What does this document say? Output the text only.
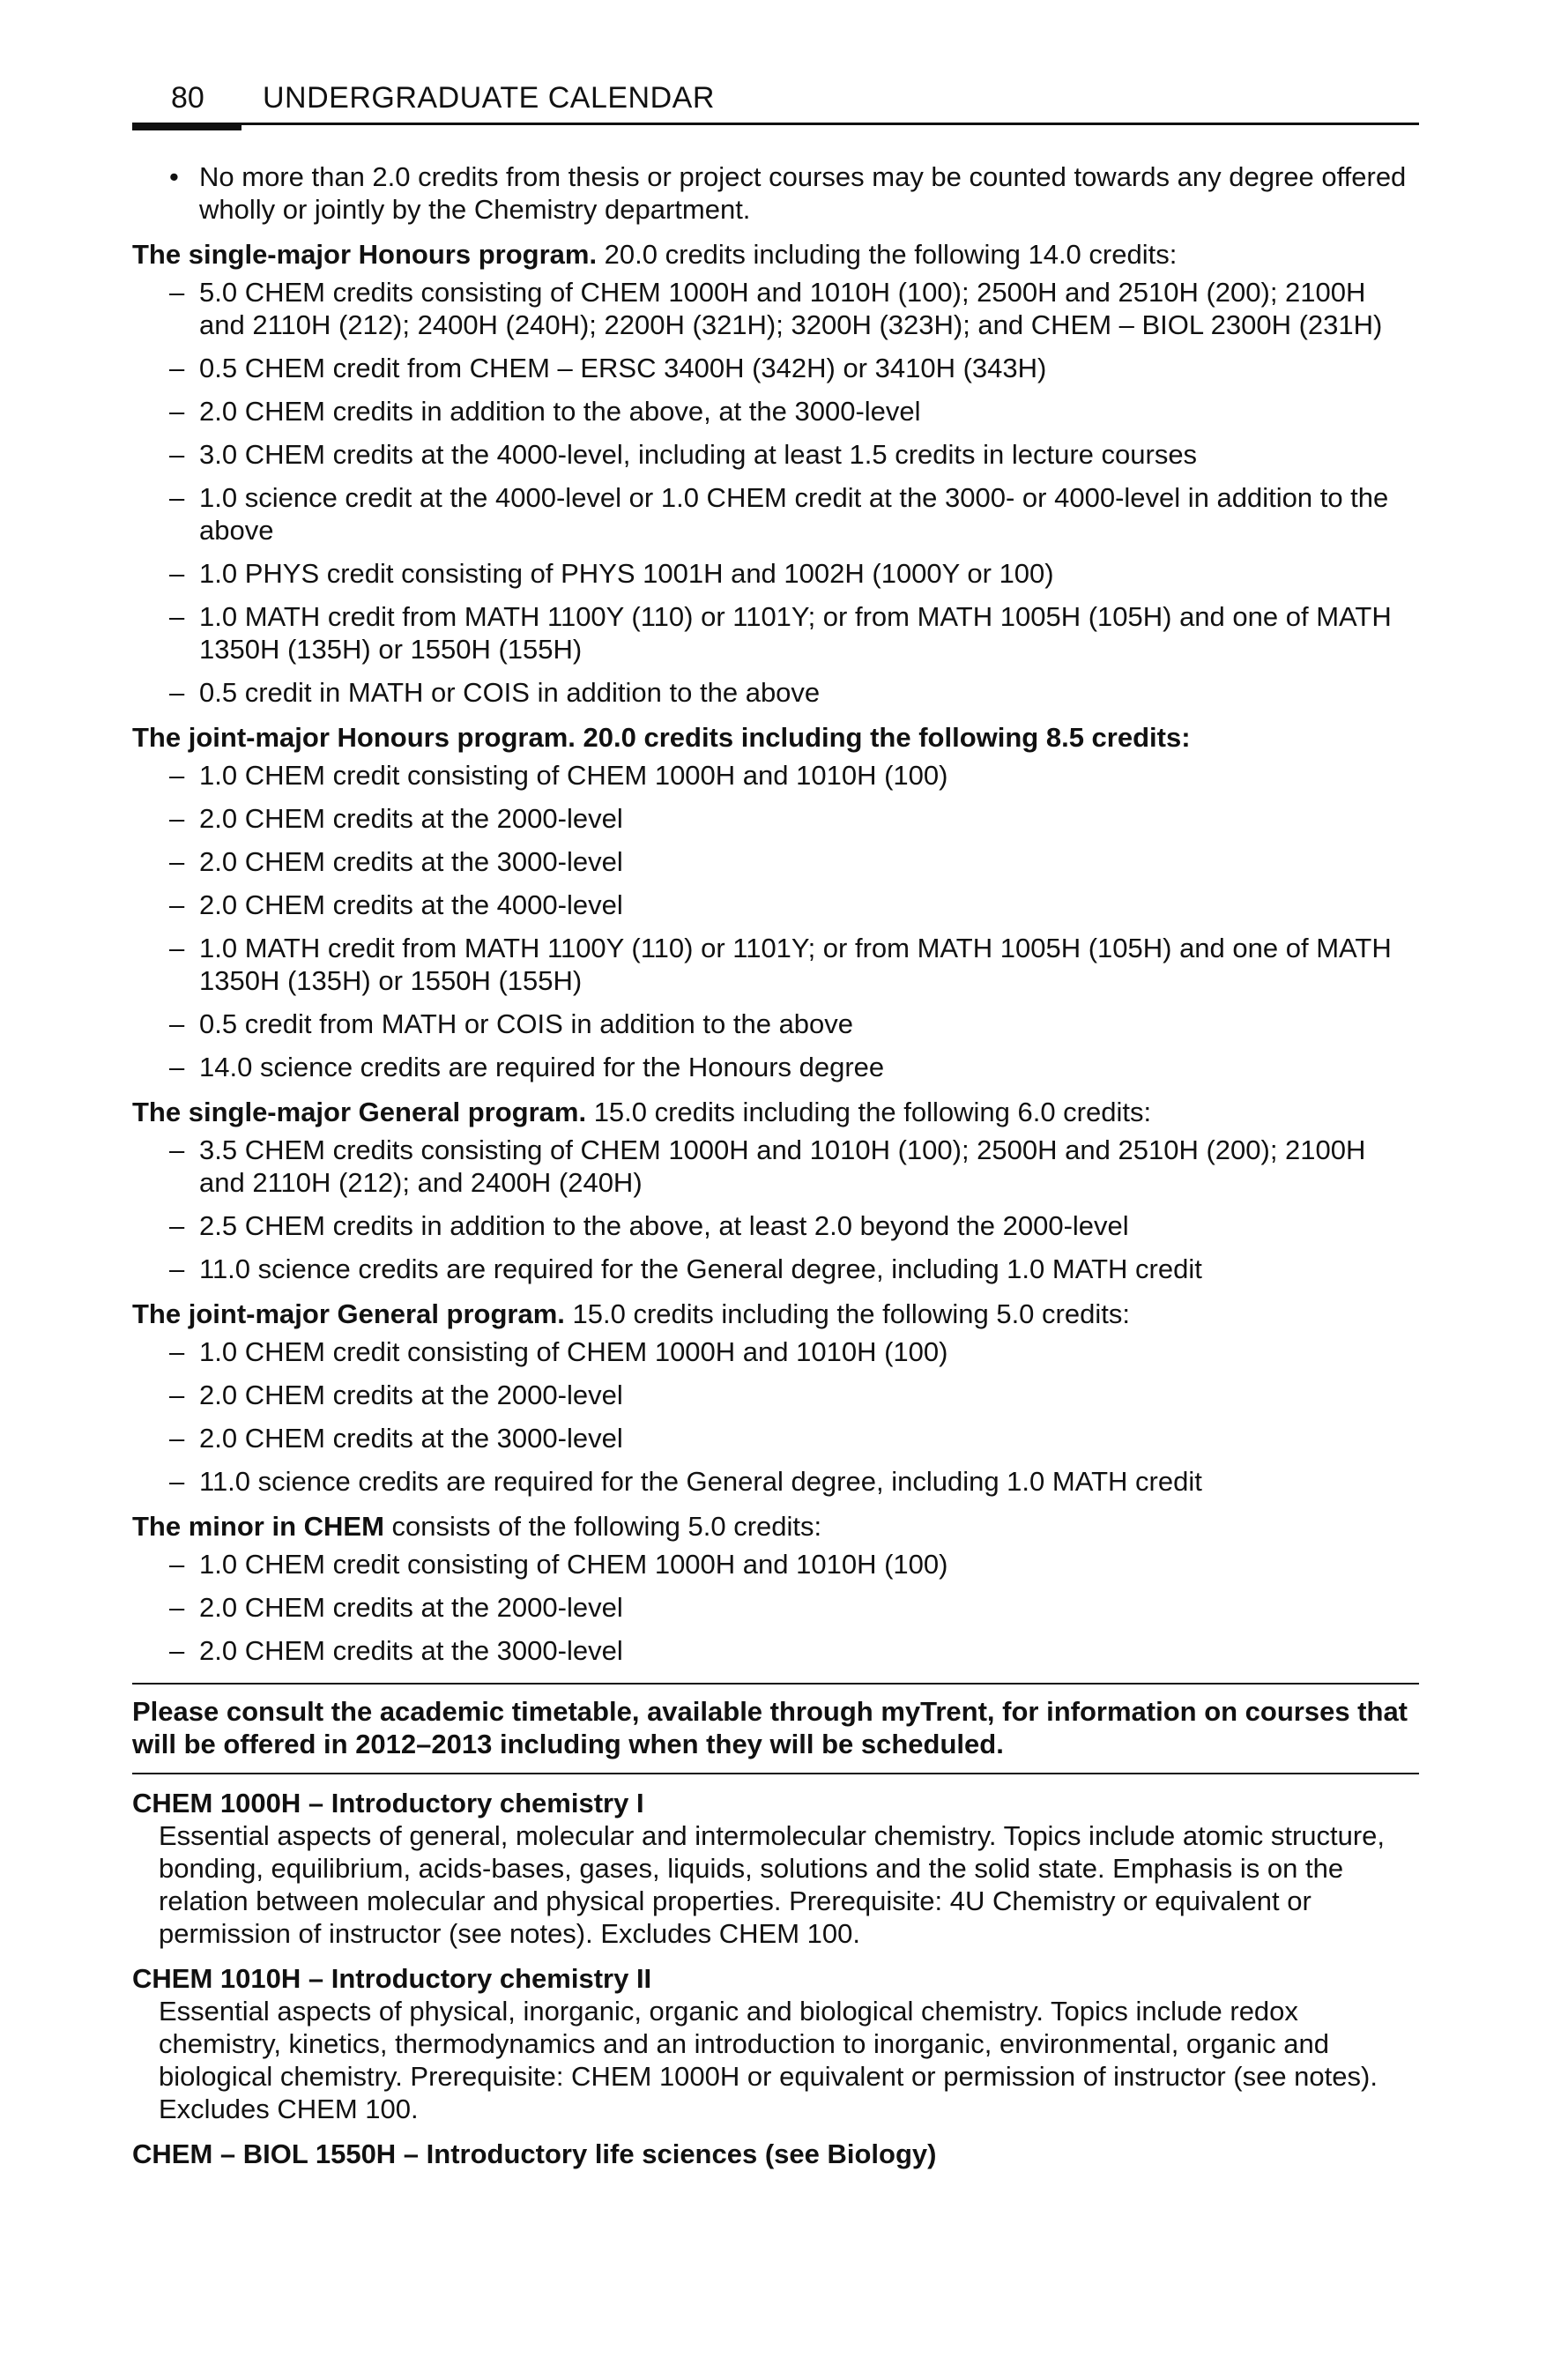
80 UNDERGRADUATE CALENDAR
• No more than 2.0 credits from thesis or project courses may be counted towards any degree offered wholly or jointly by the Chemistry department.
The single-major Honours program. 20.0 credits including the following 14.0 credits:
– 5.0 CHEM credits consisting of CHEM 1000H and 1010H (100); 2500H and 2510H (200); 2100H and 2110H (212); 2400H (240H); 2200H (321H); 3200H (323H); and CHEM – BIOL 2300H (231H)
– 0.5 CHEM credit from CHEM – ERSC 3400H (342H) or 3410H (343H)
– 2.0 CHEM credits in addition to the above, at the 3000-level
– 3.0 CHEM credits at the 4000-level, including at least 1.5 credits in lecture courses
– 1.0 science credit at the 4000-level or 1.0 CHEM credit at the 3000- or 4000-level in addition to the above
– 1.0 PHYS credit consisting of PHYS 1001H and 1002H (1000Y or 100)
– 1.0 MATH credit from MATH 1100Y (110) or 1101Y; or from MATH 1005H (105H) and one of MATH 1350H (135H) or 1550H (155H)
– 0.5 credit in MATH or COIS in addition to the above
The joint-major Honours program. 20.0 credits including the following 8.5 credits:
– 1.0 CHEM credit consisting of CHEM 1000H and 1010H (100)
– 2.0 CHEM credits at the 2000-level
– 2.0 CHEM credits at the 3000-level
– 2.0 CHEM credits at the 4000-level
– 1.0 MATH credit from MATH 1100Y (110) or 1101Y; or from MATH 1005H (105H) and one of MATH 1350H (135H) or 1550H (155H)
– 0.5 credit from MATH or COIS in addition to the above
– 14.0 science credits are required for the Honours degree
The single-major General program. 15.0 credits including the following 6.0 credits:
– 3.5 CHEM credits consisting of CHEM 1000H and 1010H (100); 2500H and 2510H (200); 2100H and 2110H (212); and 2400H (240H)
– 2.5 CHEM credits in addition to the above, at least 2.0 beyond the 2000-level
– 11.0 science credits are required for the General degree, including 1.0 MATH credit
The joint-major General program. 15.0 credits including the following 5.0 credits:
– 1.0 CHEM credit consisting of CHEM 1000H and 1010H (100)
– 2.0 CHEM credits at the 2000-level
– 2.0 CHEM credits at the 3000-level
– 11.0 science credits are required for the General degree, including 1.0 MATH credit
The minor in CHEM consists of the following 5.0 credits:
– 1.0 CHEM credit consisting of CHEM 1000H and 1010H (100)
– 2.0 CHEM credits at the 2000-level
– 2.0 CHEM credits at the 3000-level
Please consult the academic timetable, available through myTrent, for information on courses that will be offered in 2012–2013 including when they will be scheduled.
CHEM 1000H – Introductory chemistry I
Essential aspects of general, molecular and intermolecular chemistry. Topics include atomic structure, bonding, equilibrium, acids-bases, gases, liquids, solutions and the solid state. Emphasis is on the relation between molecular and physical properties. Prerequisite: 4U Chemistry or equivalent or permission of instructor (see notes). Excludes CHEM 100.
CHEM 1010H – Introductory chemistry II
Essential aspects of physical, inorganic, organic and biological chemistry. Topics include redox chemistry, kinetics, thermodynamics and an introduction to inorganic, environmental, organic and biological chemistry. Prerequisite: CHEM 1000H or equivalent or permission of instructor (see notes). Excludes CHEM 100.
CHEM – BIOL 1550H – Introductory life sciences (see Biology)
